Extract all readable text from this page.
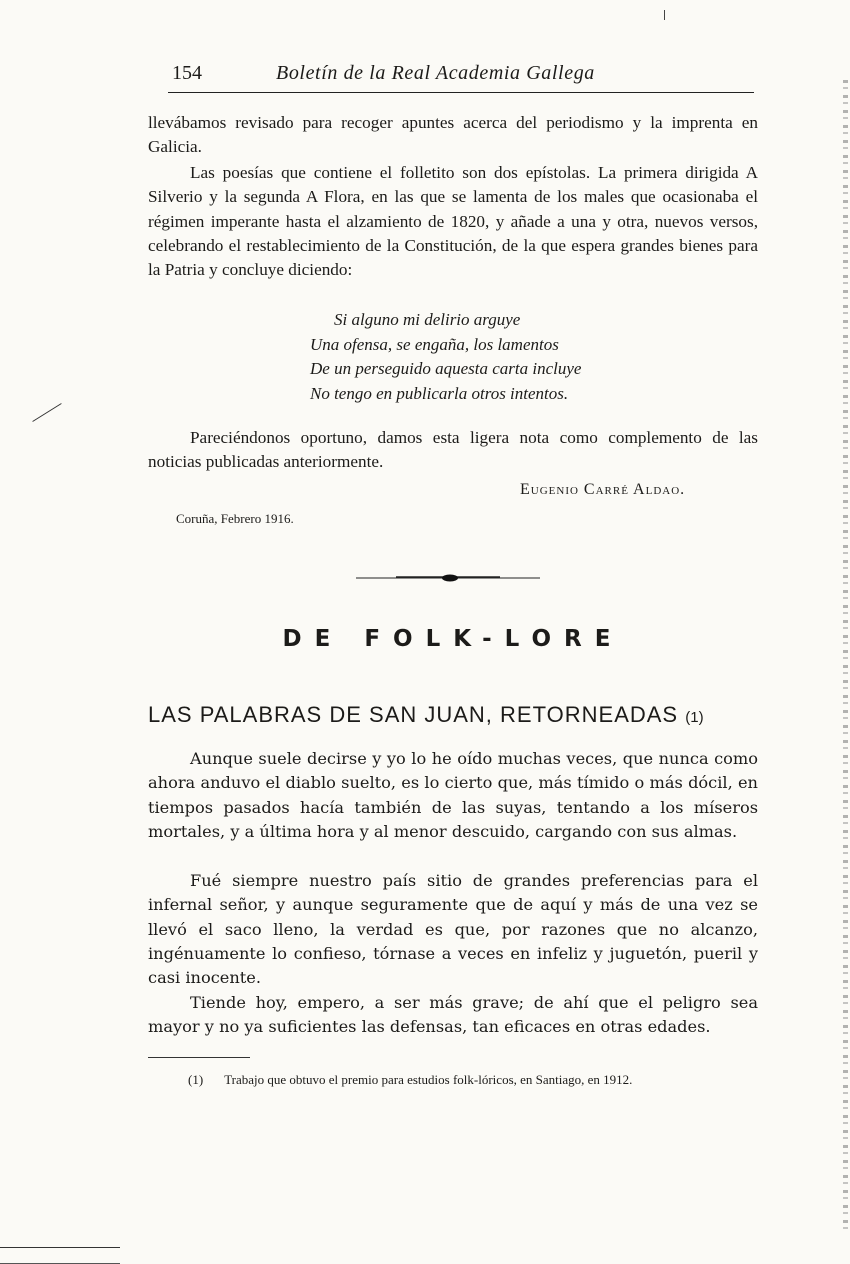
154	Boletín de la Real Academia Gallega

llevábamos revisado para recoger apuntes acerca del periodismo y la imprenta en Galicia.

Las poesías que contiene el folletito son dos epístolas. La primera dirigida A Silverio y la segunda A Flora, en las que se lamenta de los males que ocasionaba el régimen imperante hasta el alzamiento de 1820, y añade a una y otra, nuevos versos, celebrando el restablecimiento de la Constitución, de la que espera grandes bienes para la Patria y concluye diciendo:

Si alguno mi delirio arguye
Una ofensa, se engaña, los lamentos
De un perseguido aquesta carta incluye
No tengo en publicarla otros intentos.

Pareciéndonos oportuno, damos esta ligera nota como complemento de las noticias publicadas anteriormente.

Eugenio Carré Aldao.
Coruña, Febrero 1916.
DE FOLK-LORE
LAS PALABRAS DE SAN JUAN, RETORNEADAS (1)

Aunque suele decirse y yo lo he oído muchas veces, que nunca como ahora anduvo el diablo suelto, es lo cierto que, más tímido o más dócil, en tiempos pasados hacía también de las suyas, tentando a los míseros mortales, y a última hora y al menor descuido, cargando con sus almas.

Fué siempre nuestro país sitio de grandes preferencias para el infernal señor, y aunque seguramente que de aquí y más de una vez se llevó el saco lleno, la verdad es que, por razones que no alcanzo, ingénuamente lo confieso, tórnase a veces en infeliz y juguetón, pueril y casi inocente.

Tiende hoy, empero, a ser más grave; de ahí que el peligro sea mayor y no ya suficientes las defensas, tan eficaces en otras edades.

(1) Trabajo que obtuvo el premio para estudios folk-lóricos, en Santiago, en 1912.
